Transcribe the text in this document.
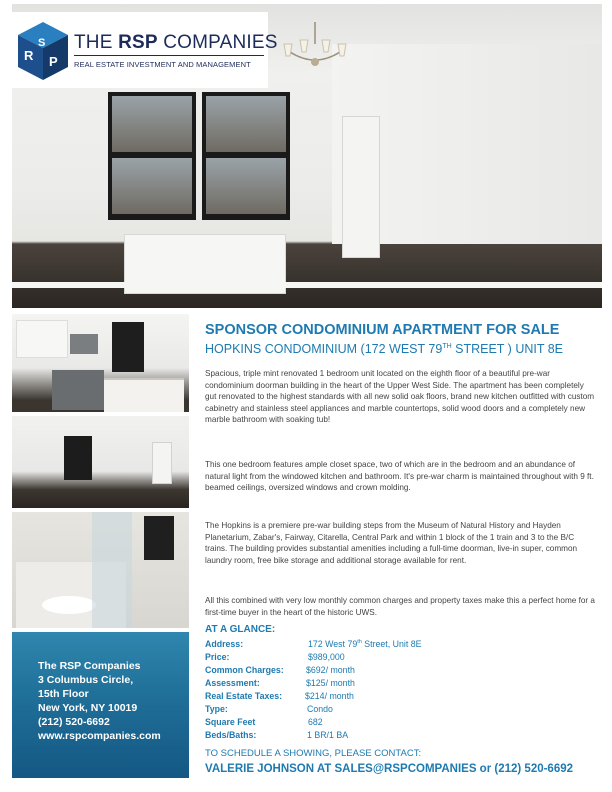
R
S
P
THE RSP COMPANIES
REAL ESTATE INVESTMENT AND MANAGEMENT
The RSP Companies
3 Columbus Circle,
15th Floor
New York, NY 10019
(212) 520-6692
www.rspcompanies.com
SPONSOR CONDOMINIUM APARTMENT FOR SALE
HOPKINS CONDOMINIUM (172 WEST 79TH STREET ) UNIT 8E
Spacious, triple mint renovated 1 bedroom unit located on the eighth floor of a beautiful pre-war condominium doorman building in the heart of the Upper West Side. The apartment has been completely gut renovated to the highest standards with all new solid oak floors, brand new kitchen outfitted with custom cabinetry and stainless steel appliances and marble countertops, solid wood doors and a completely new marble bathroom with soaking tub!
This one bedroom features ample closet space, two of which are in the bedroom and an abundance of natural light from the windowed kitchen and bathroom. It's pre-war charm is maintained throughout with 9 ft. beamed ceilings, oversized windows and crown molding.
The Hopkins is a premiere pre-war building steps from the Museum of Natural History and Hayden Planetarium, Zabar's, Fairway, Citarella, Central Park and within 1 block of the 1 train and 3 to the B/C trains. The building provides substantial amenities including a full-time doorman, live-in super, common laundry room, free bike storage and additional storage available for rent.
All this combined with very low monthly common charges and property taxes make this a perfect home for a first-time buyer in the heart of the historic UWS.
AT A GLANCE:
Address:	172 West 79th Street, Unit 8E
Price:	$989,000
Common Charges:	$692/ month
Assessment:	$125/ month
Real Estate Taxes:	$214/ month
Type:	Condo
Square Feet	682
Beds/Baths:	1 BR/1 BA
TO SCHEDULE A SHOWING, PLEASE CONTACT:
VALERIE JOHNSON AT SALES@RSPCOMPANIES or (212) 520-6692
